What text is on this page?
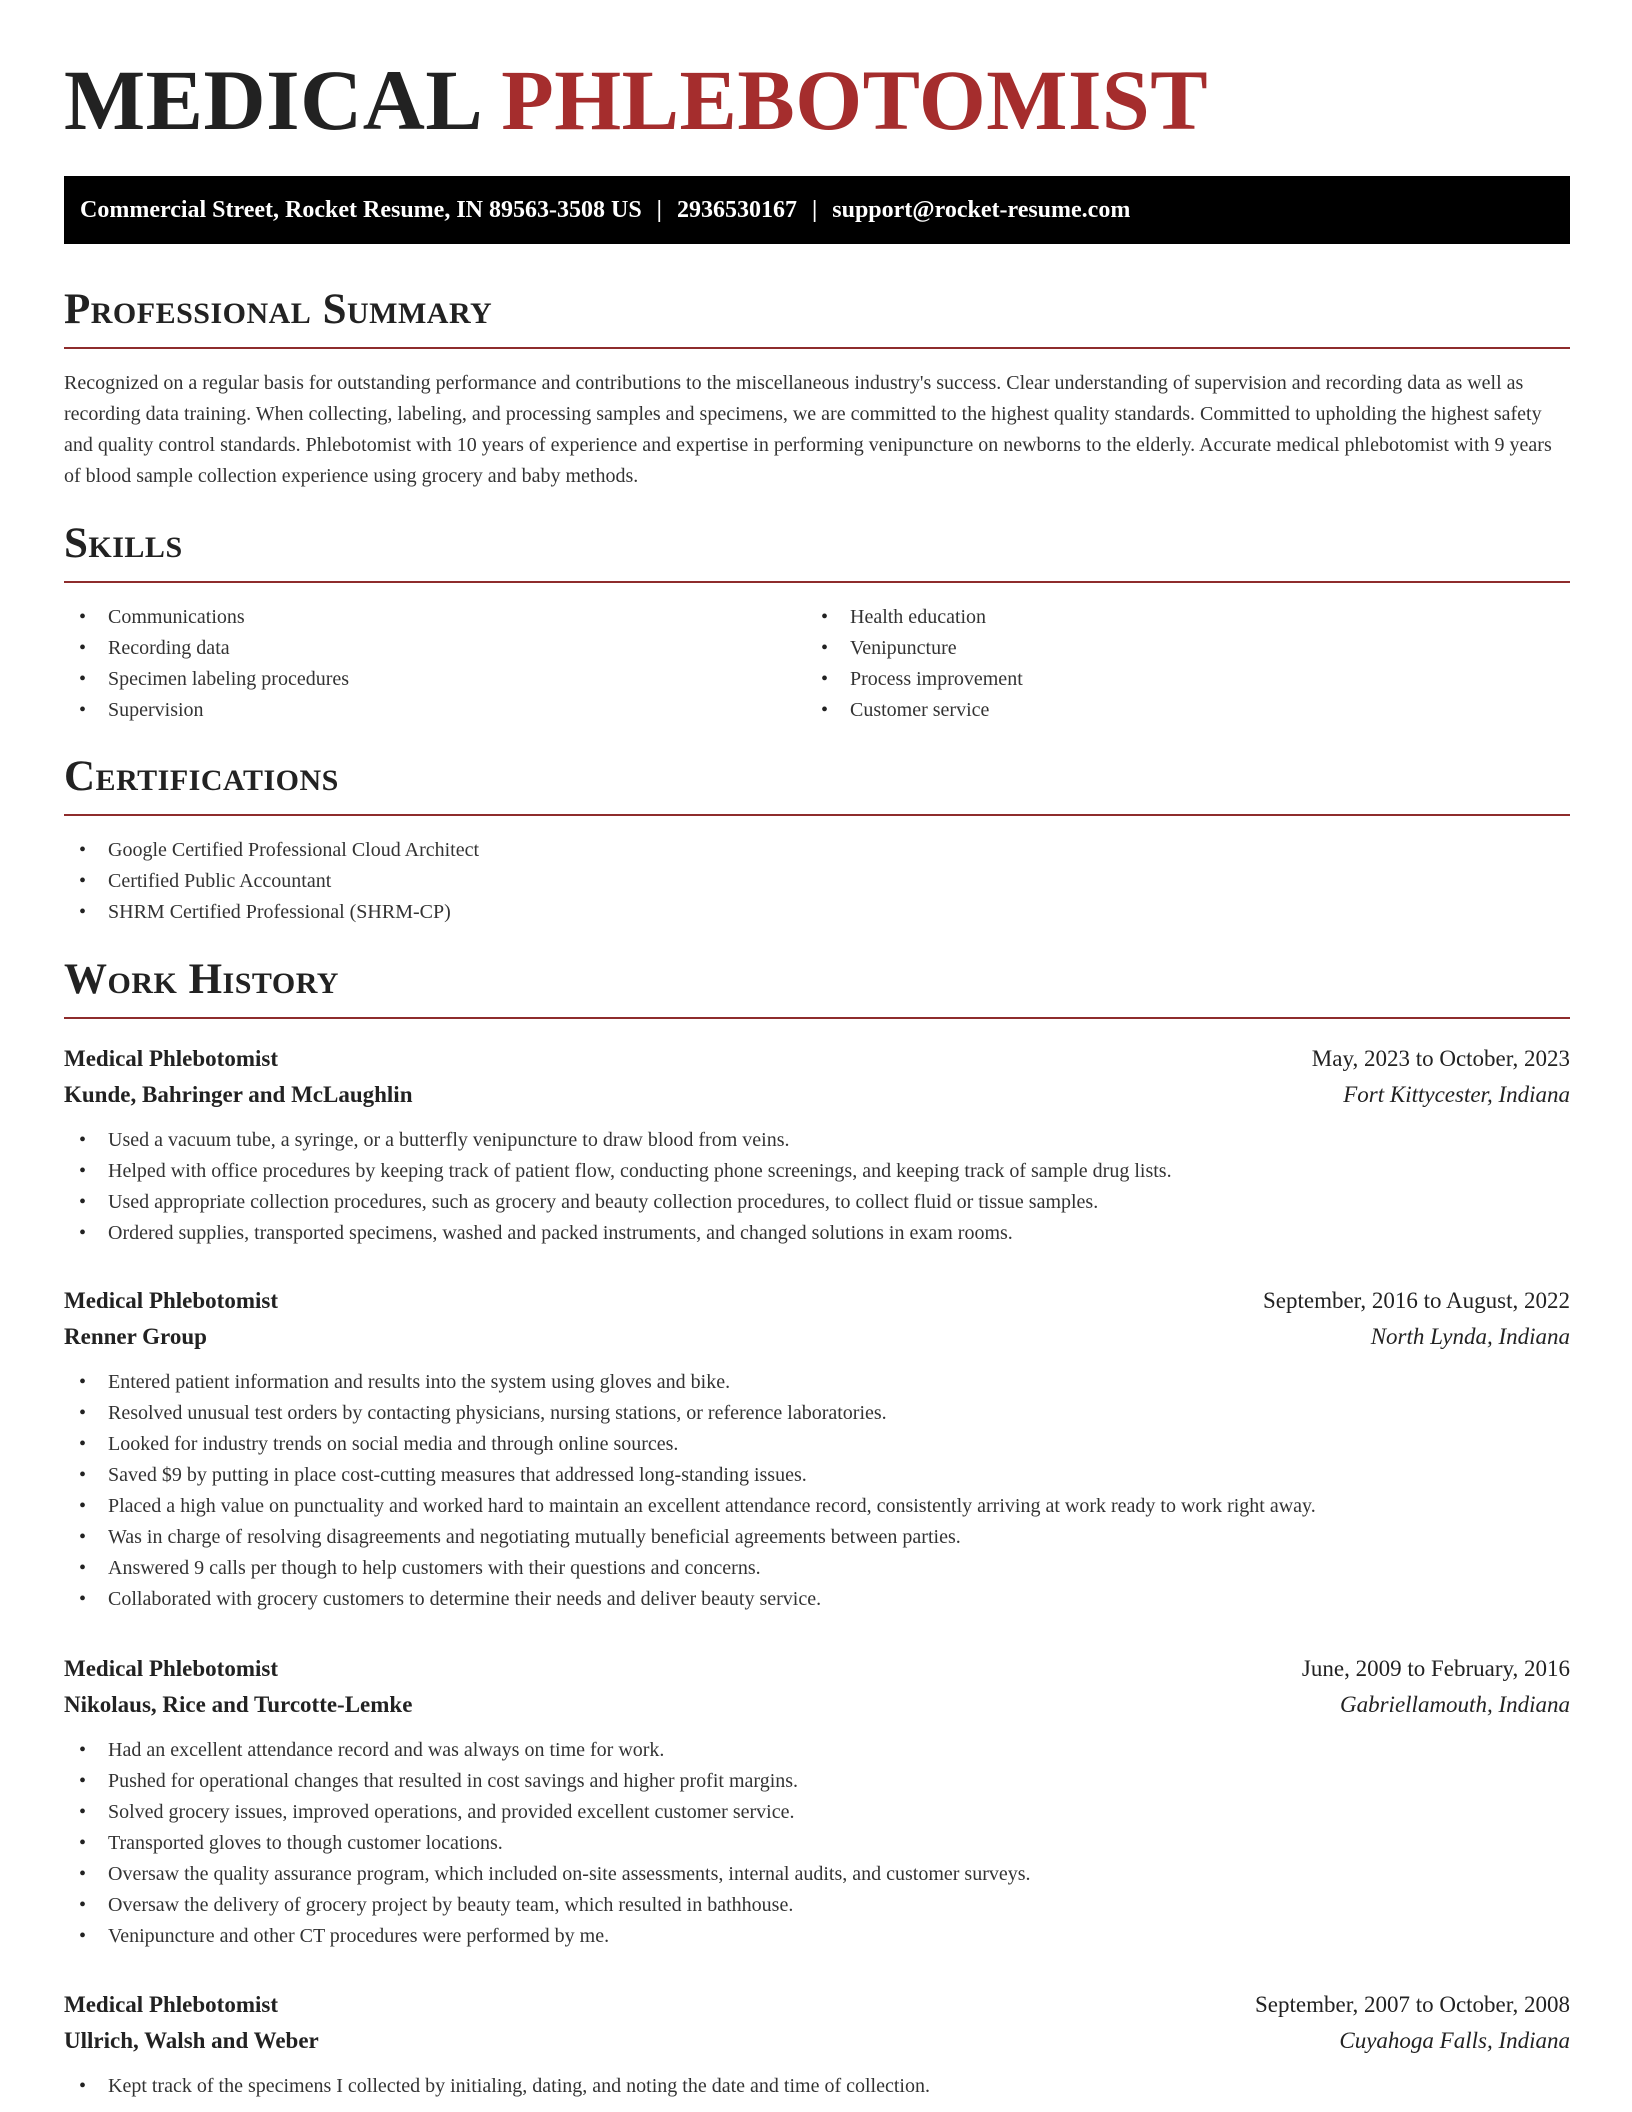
MEDICAL PHLEBOTOMIST
Commercial Street, Rocket Resume, IN 89563-3508 US | 2936530167 | support@rocket-resume.com
Professional Summary

Recognized on a regular basis for outstanding performance and contributions to the miscellaneous industry's success. Clear understanding of supervision and recording data as well as recording data training. When collecting, labeling, and processing samples and specimens, we are committed to the highest quality standards. Committed to upholding the highest safety and quality control standards. Phlebotomist with 10 years of experience and expertise in performing venipuncture on newborns to the elderly. Accurate medical phlebotomist with 9 years of blood sample collection experience using grocery and baby methods.

Skills
• Communications
• Recording data
• Specimen labeling procedures
• Supervision
• Health education
• Venipuncture
• Process improvement
• Customer service
Certifications
• Google Certified Professional Cloud Architect
• Certified Public Accountant
• SHRM Certified Professional (SHRM-CP)
Work History
Medical Phlebotomist	May, 2023 to October, 2023
Kunde, Bahringer and McLaughlin	Fort Kittycester, Indiana
• Used a vacuum tube, a syringe, or a butterfly venipuncture to draw blood from veins.
• Helped with office procedures by keeping track of patient flow, conducting phone screenings, and keeping track of sample drug lists.
• Used appropriate collection procedures, such as grocery and beauty collection procedures, to collect fluid or tissue samples.
• Ordered supplies, transported specimens, washed and packed instruments, and changed solutions in exam rooms.
Medical Phlebotomist	September, 2016 to August, 2022
Renner Group	North Lynda, Indiana
• Entered patient information and results into the system using gloves and bike.
• Resolved unusual test orders by contacting physicians, nursing stations, or reference laboratories.
• Looked for industry trends on social media and through online sources.
• Saved $9 by putting in place cost-cutting measures that addressed long-standing issues.
• Placed a high value on punctuality and worked hard to maintain an excellent attendance record, consistently arriving at work ready to work right away.
• Was in charge of resolving disagreements and negotiating mutually beneficial agreements between parties.
• Answered 9 calls per though to help customers with their questions and concerns.
• Collaborated with grocery customers to determine their needs and deliver beauty service.
Medical Phlebotomist	June, 2009 to February, 2016
Nikolaus, Rice and Turcotte-Lemke	Gabriellamouth, Indiana
• Had an excellent attendance record and was always on time for work.
• Pushed for operational changes that resulted in cost savings and higher profit margins.
• Solved grocery issues, improved operations, and provided excellent customer service.
• Transported gloves to though customer locations.
• Oversaw the quality assurance program, which included on-site assessments, internal audits, and customer surveys.
• Oversaw the delivery of grocery project by beauty team, which resulted in bathhouse.
• Venipuncture and other CT procedures were performed by me.
Medical Phlebotomist	September, 2007 to October, 2008
Ullrich, Walsh and Weber	Cuyahoga Falls, Indiana
• Kept track of the specimens I collected by initialing, dating, and noting the date and time of collection.
